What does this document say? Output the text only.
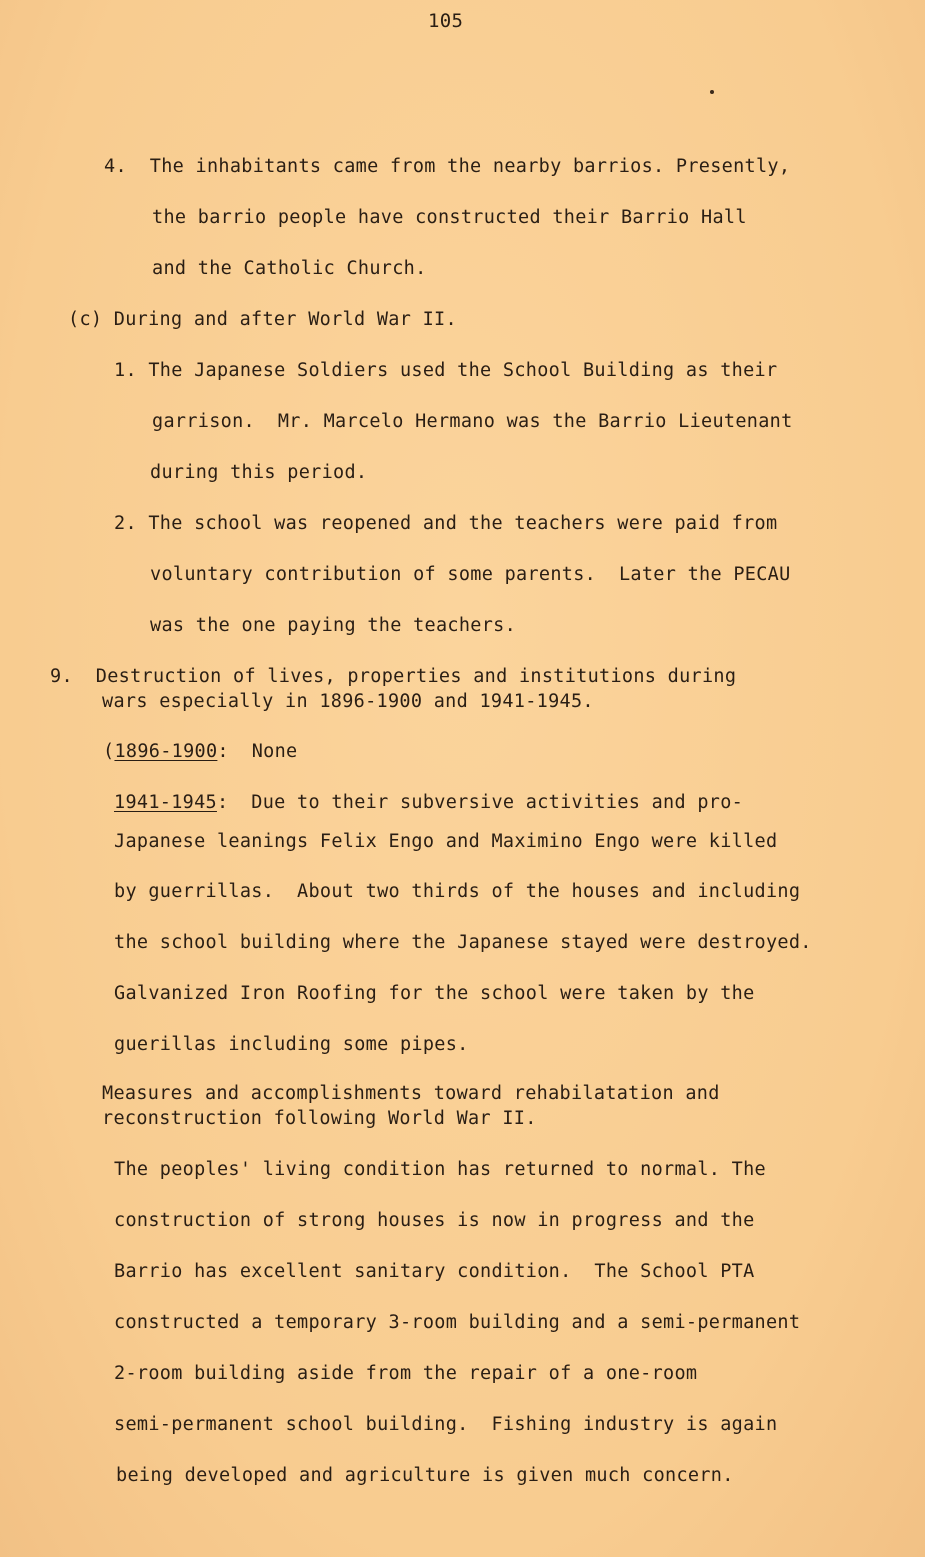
105
4.  The inhabitants came from the nearby barrios. Presently,
the barrio people have constructed their Barrio Hall
and the Catholic Church.
(c) During and after World War II.
1. The Japanese Soldiers used the School Building as their
garrison.  Mr. Marcelo Hermano was the Barrio Lieutenant
during this period.
2. The school was reopened and the teachers were paid from
voluntary contribution of some parents.  Later the PECAU
was the one paying the teachers.
9.  Destruction of lives, properties and institutions during
wars especially in 1896-1900 and 1941-1945.
(1896-1900:  None
1941-1945:  Due to their subversive activities and pro-
Japanese leanings Felix Engo and Maximino Engo were killed
by guerrillas.  About two thirds of the houses and including
the school building where the Japanese stayed were destroyed.
Galvanized Iron Roofing for the school were taken by the
guerillas including some pipes.
Measures and accomplishments toward rehabilatation and
reconstruction following World War II.
The peoples' living condition has returned to normal. The
construction of strong houses is now in progress and the
Barrio has excellent sanitary condition.  The School PTA
constructed a temporary 3-room building and a semi-permanent
2-room building aside from the repair of a one-room
semi-permanent school building.  Fishing industry is again
being developed and agriculture is given much concern.
